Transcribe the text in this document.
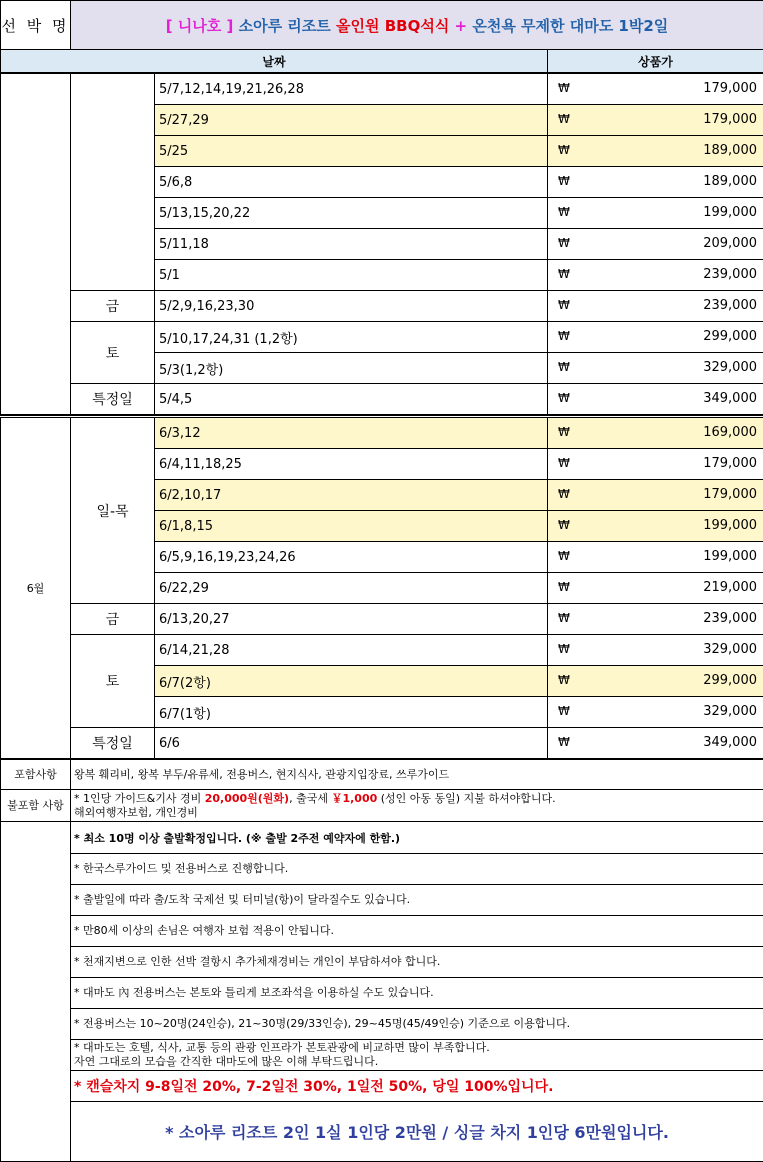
선 박 명	[ 니나호 ] 소아루 리조트 올인원 BBQ석식 + 온천욕 무제한 대마도 1박2일	
날짜		상품가
		5/7,12,14,19,21,26,28	₩ 179,000

		5/27,29	₩ 179,000

		5/25	₩ 189,000

		5/6,8	₩ 189,000

		5/13,15,20,22	₩ 199,000

		5/11,18	₩ 209,000

		5/1	₩ 239,000

	금	5/2,9,16,23,30	₩ 239,000

	토	5/10,17,24,31 (1,2항)	₩ 299,000

		5/3(1,2항)	₩ 329,000

	특정일	5/4,5	₩ 349,000
6월	일-목	6/3,12	₩ 169,000

		6/4,11,18,25	₩ 179,000

		6/2,10,17	₩ 179,000

		6/1,8,15	₩ 199,000

		6/5,9,16,19,23,24,26	₩ 199,000

		6/22,29	₩ 219,000

	금	6/13,20,27	₩ 239,000

	토	6/14,21,28	₩ 329,000

		6/7(2항)	₩ 299,000

		6/7(1항)	₩ 329,000

	특정일	6/6	₩ 349,000
포함사항	왕복 훼리비, 왕복 부두/유류세, 전용버스, 현지식사, 관광지입장료, 쓰루가이드
불포함 사항	* 1인당 가이드&기사 경비 20,000원(원화), 출국세 ￥1,000 (성인 아동 동일) 지불 하셔야합니다.
해외여행자보험, 개인경비

	* 최소 10명 이상 출발확정입니다. (※ 출발 2주전 예약자에 한함.)
	* 한국스루가이드 및 전용버스로 진행합니다.
	* 출발일에 따라 출/도착 국제선 및 터미널(항)이 달라질수도 있습니다.
	* 만80세 이상의 손님은 여행자 보험 적용이 안됩니다.
	* 천재지변으로 인한 선박 결항시 추가체재경비는 개인이 부담하셔야 합니다.
	* 대마도 內 전용버스는 본토와 틀리게 보조좌석을 이용하실 수도 있습니다.
	* 전용버스는 10~20명(24인승), 21~30명(29/33인승), 29~45명(45/49인승) 기준으로 이용합니다.

	* 대마도는 호텔, 식사, 교통 등의 관광 인프라가 본토관광에 비교하면 많이 부족합니다.
자연 그대로의 모습을 간직한 대마도에 많은 이해 부탁드립니다.

	* 캔슬차지 9-8일전 20%, 7-2일전 30%, 1일전 50%, 당일 100%입니다.
	* 소아루 리조트 2인 1실 1인당 2만원 / 싱글 차지 1인당 6만원입니다.
